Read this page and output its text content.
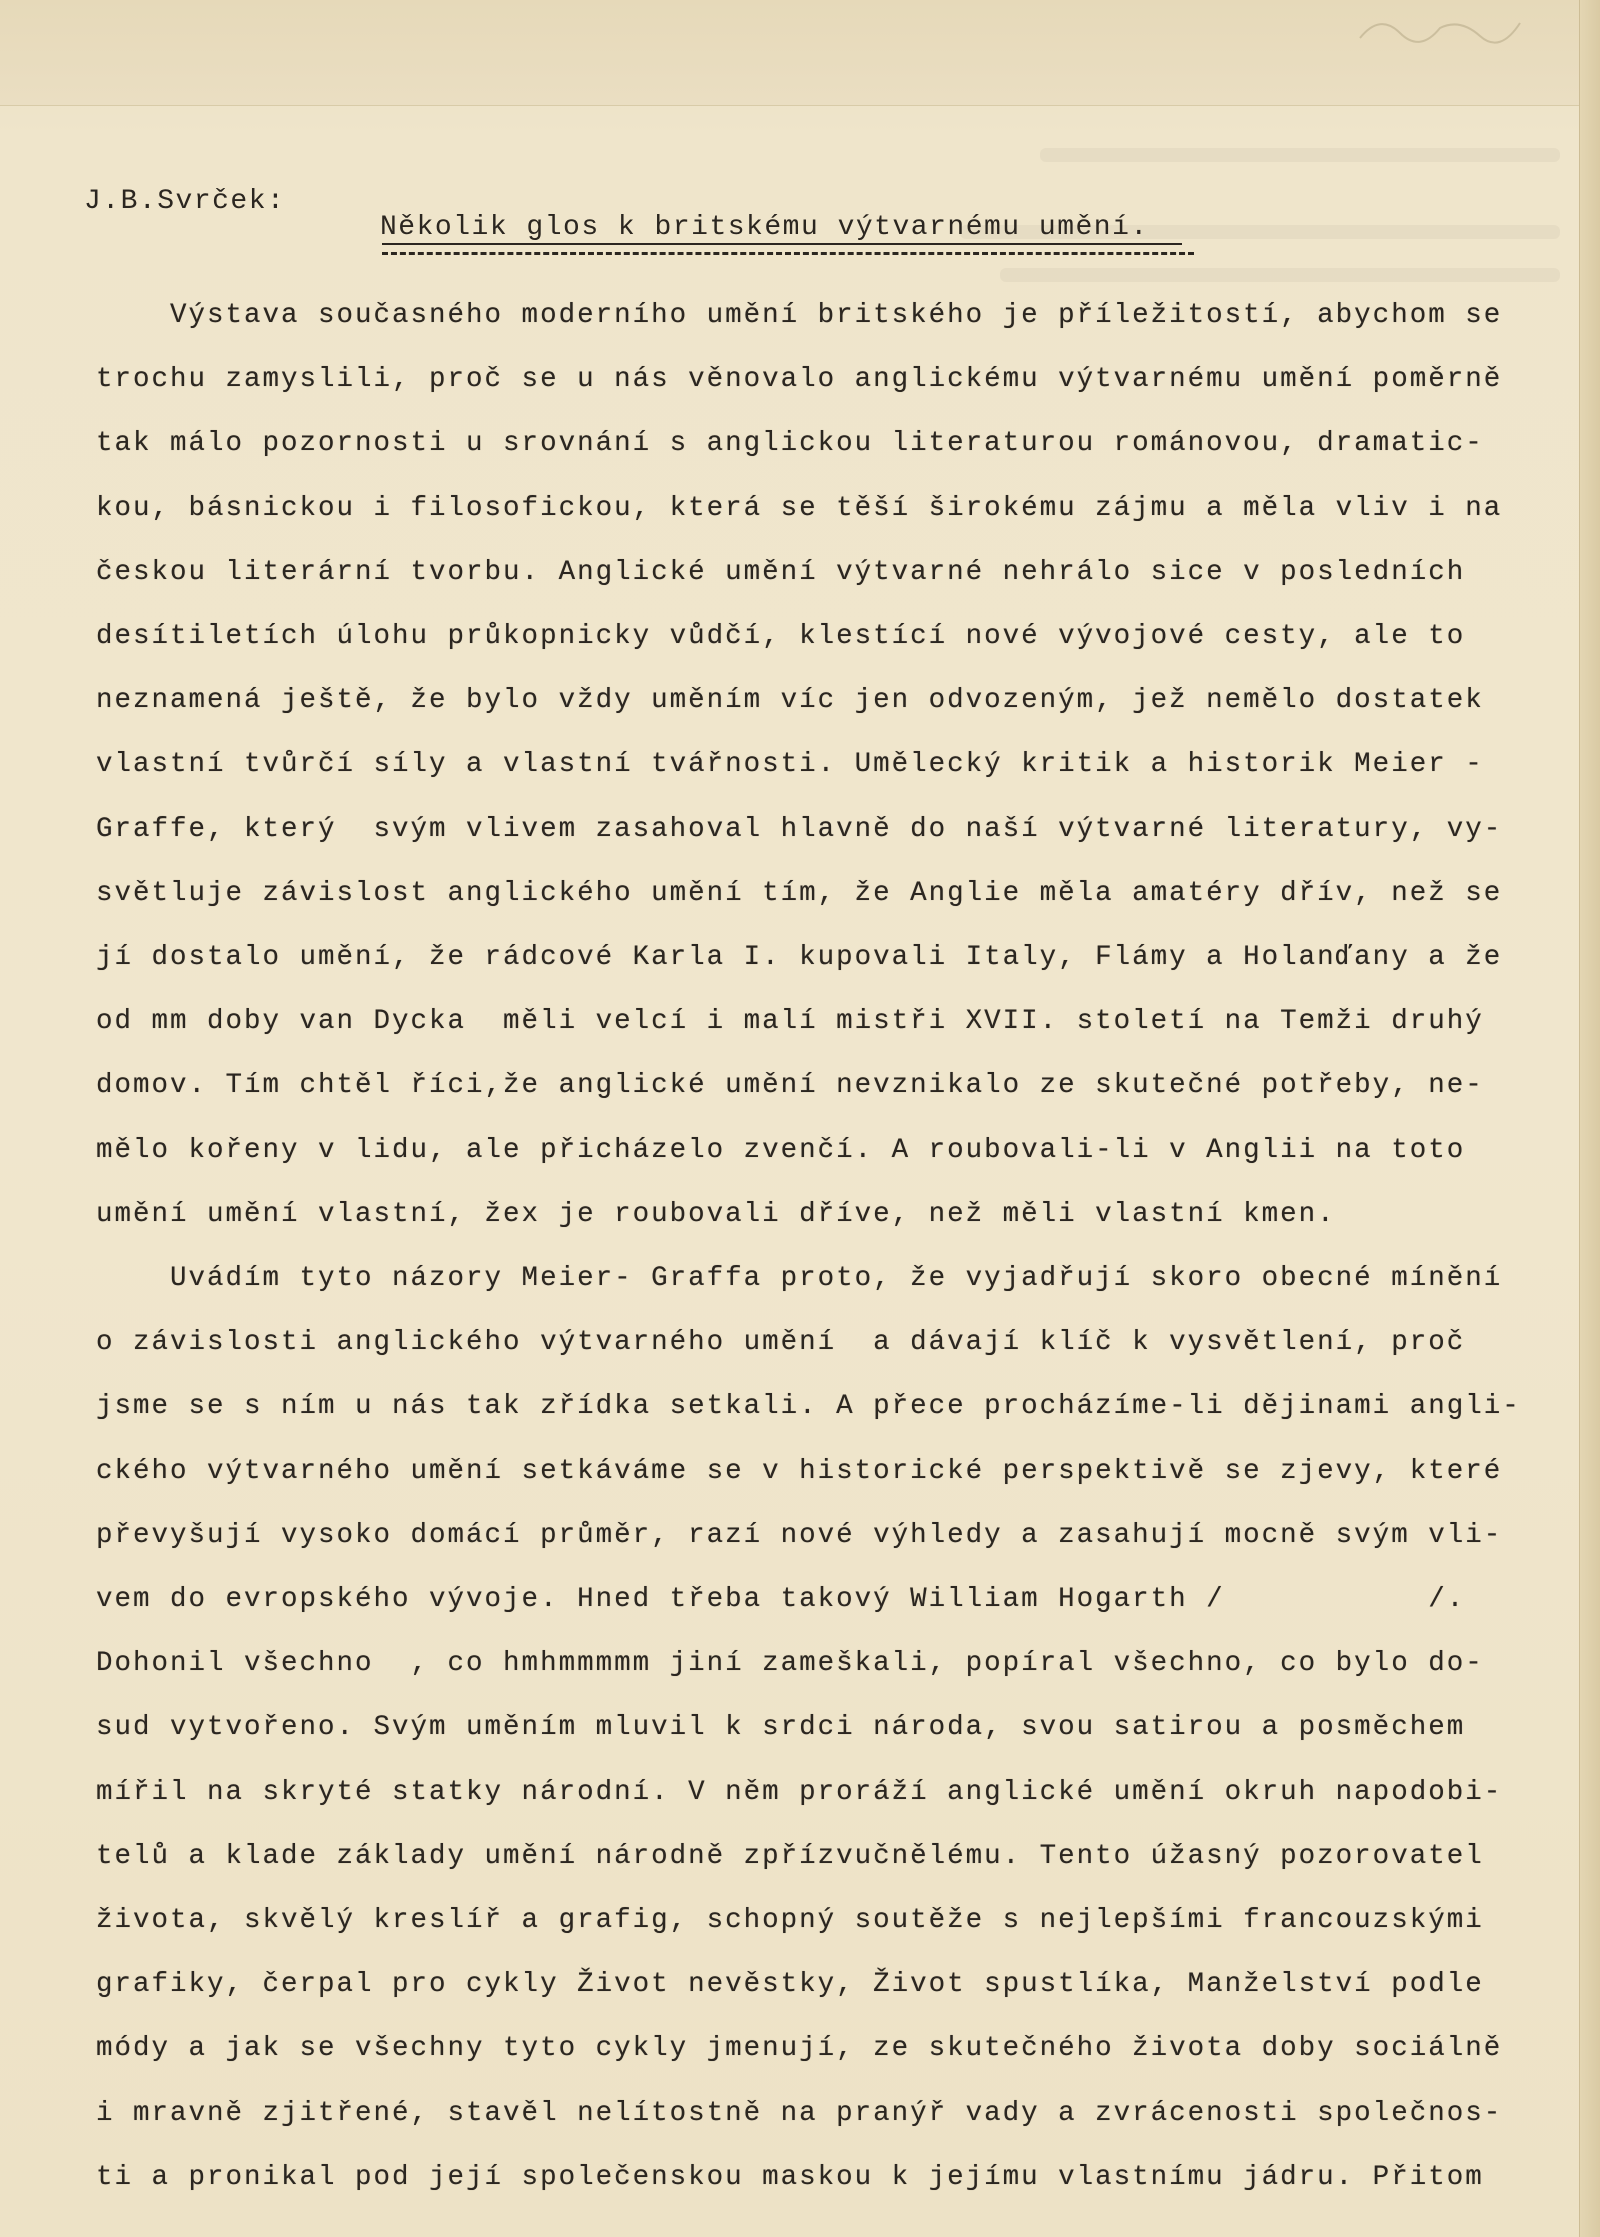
J.B.Svrček:
Několik glos k britskému výtvarnému umění.
Výstava současného moderního umění britského je příležitostí, abychom se
trochu zamyslili, proč se u nás věnovalo anglickému výtvarnému umění poměrně
tak málo pozornosti u srovnání s anglickou literaturou románovou, dramatic-
kou, básnickou i filosofickou, která se těší širokému zájmu a měla vliv i na
českou literární tvorbu. Anglické umění výtvarné nehrálo sice v posledních
desítiletích úlohu průkopnicky vůdčí, klestící nové vývojové cesty, ale to
neznamená ještě, že bylo vždy uměním víc jen odvozeným, jež nemělo dostatek
vlastní tvůrčí síly a vlastní tvářnosti. Umělecký kritik a historik Meier -
Graffe, který  svým vlivem zasahoval hlavně do naší výtvarné literatury, vy-
světluje závislost anglického umění tím, že Anglie měla amatéry dřív, než se
jí dostalo umění, že rádcové Karla I. kupovali Italy, Flámy a Holanďany a že
od mm doby van Dycka  měli velcí i malí mistři XVII. století na Temži druhý
domov. Tím chtěl říci,že anglické umění nevznikalo ze skutečné potřeby, ne-
mělo kořeny v lidu, ale přicházelo zvenčí. A roubovali-li v Anglii na toto
umění umění vlastní, žex je roubovali dříve, než měli vlastní kmen.
Uvádím tyto názory Meier- Graffa proto, že vyjadřují skoro obecné mínění
o závislosti anglického výtvarného umění  a dávají klíč k vysvětlení, proč
jsme se s ním u nás tak zřídka setkali. A přece procházíme-li dějinami angli-
ckého výtvarného umění setkáváme se v historické perspektivě se zjevy, které
převyšují vysoko domácí průměr, razí nové výhledy a zasahují mocně svým vli-
vem do evropského vývoje. Hned třeba takový William Hogarth /           /.
Dohonil všechno  , co hmhmmmmm jiní zameškali, popíral všechno, co bylo do-
sud vytvořeno. Svým uměním mluvil k srdci národa, svou satirou a posměchem
mířil na skryté statky národní. V něm proráží anglické umění okruh napodobi-
telů a klade základy umění národně zpřízvučnělému. Tento úžasný pozorovatel
života, skvělý kreslíř a grafig, schopný soutěže s nejlepšími francouzskými
grafiky, čerpal pro cykly Život nevěstky, Život spustlíka, Manželství podle
módy a jak se všechny tyto cykly jmenují, ze skutečného života doby sociálně
i mravně zjitřené, stavěl nelítostně na pranýř vady a zvrácenosti společnos-
ti a pronikal pod její společenskou maskou k jejímu vlastnímu jádru. Přitom
